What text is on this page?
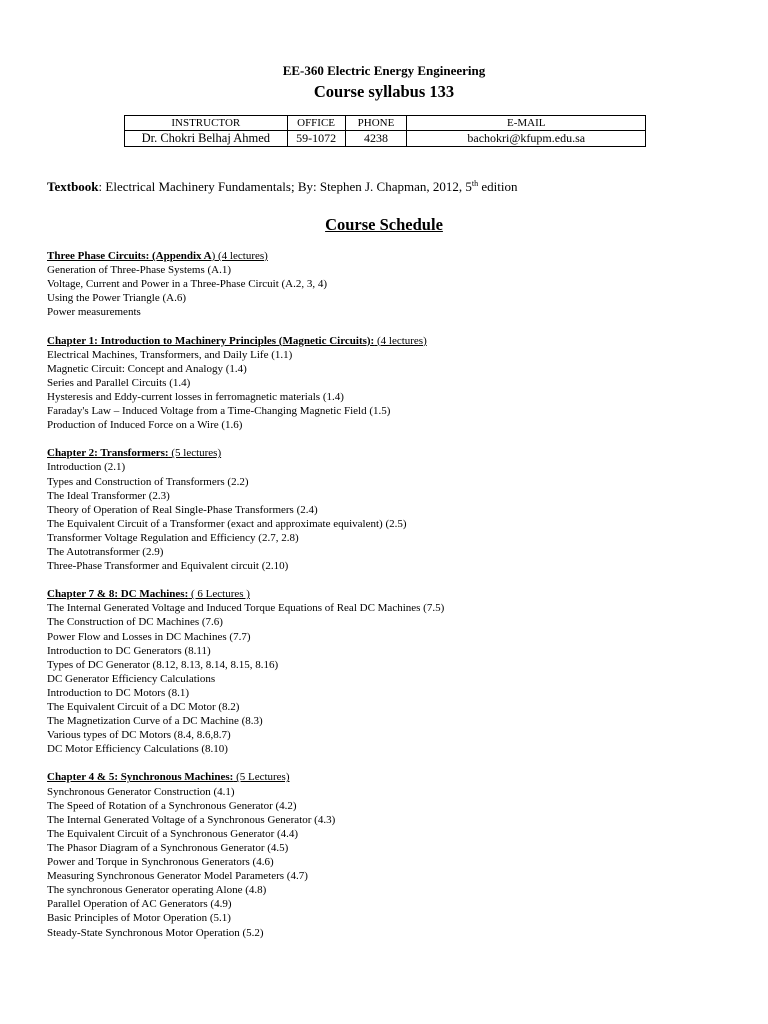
EE-360 Electric Energy Engineering
Course syllabus 133
INSTRUCTOR	OFFICE	PHONE	E-MAIL
Dr. Chokri Belhaj Ahmed	59-1072	4238	bachokri@kfupm.edu.sa
Textbook: Electrical Machinery Fundamentals; By: Stephen J. Chapman, 2012, 5th edition
Course Schedule
Three Phase Circuits: (Appendix A) (4 lectures)
Generation of Three-Phase Systems (A.1)
Voltage, Current and Power in a Three-Phase Circuit (A.2, 3, 4)
Using the Power Triangle (A.6)
Power measurements
Chapter 1: Introduction to Machinery Principles (Magnetic Circuits): (4 lectures)
Electrical Machines, Transformers, and Daily Life (1.1)
Magnetic Circuit: Concept and Analogy (1.4)
Series and Parallel Circuits (1.4)
Hysteresis and Eddy-current losses in ferromagnetic materials (1.4)
Faraday's Law – Induced Voltage from a Time-Changing Magnetic Field (1.5)
Production of Induced Force on a Wire (1.6)
Chapter 2: Transformers: (5 lectures)
Introduction (2.1)
Types and Construction of Transformers (2.2)
The Ideal Transformer (2.3)
Theory of Operation of Real Single-Phase Transformers (2.4)
The Equivalent Circuit of a Transformer (exact and approximate equivalent) (2.5)
Transformer Voltage Regulation and Efficiency (2.7, 2.8)
The Autotransformer (2.9)
Three-Phase Transformer and Equivalent circuit (2.10)
Chapter 7 & 8: DC Machines: ( 6 Lectures )
The Internal Generated Voltage and Induced Torque Equations of Real DC Machines (7.5)
The Construction of DC Machines (7.6)
Power Flow and Losses in DC Machines (7.7)
Introduction to DC Generators (8.11)
Types of DC Generator (8.12, 8.13, 8.14, 8.15, 8.16)
DC Generator Efficiency Calculations
Introduction to DC Motors (8.1)
The Equivalent Circuit of a DC Motor (8.2)
The Magnetization Curve of a DC Machine (8.3)
Various types of DC Motors (8.4, 8.6,8.7)
DC Motor Efficiency Calculations (8.10)
Chapter 4 & 5: Synchronous Machines: (5 Lectures)
Synchronous Generator Construction (4.1)
The Speed of Rotation of a Synchronous Generator (4.2)
The Internal Generated Voltage of a Synchronous Generator (4.3)
The Equivalent Circuit of a Synchronous Generator (4.4)
The Phasor Diagram of a Synchronous Generator (4.5)
Power and Torque in Synchronous Generators (4.6)
Measuring Synchronous Generator Model Parameters (4.7)
The synchronous Generator operating Alone (4.8)
Parallel Operation of AC Generators (4.9)
Basic Principles of Motor Operation (5.1)
Steady-State Synchronous Motor Operation (5.2)
